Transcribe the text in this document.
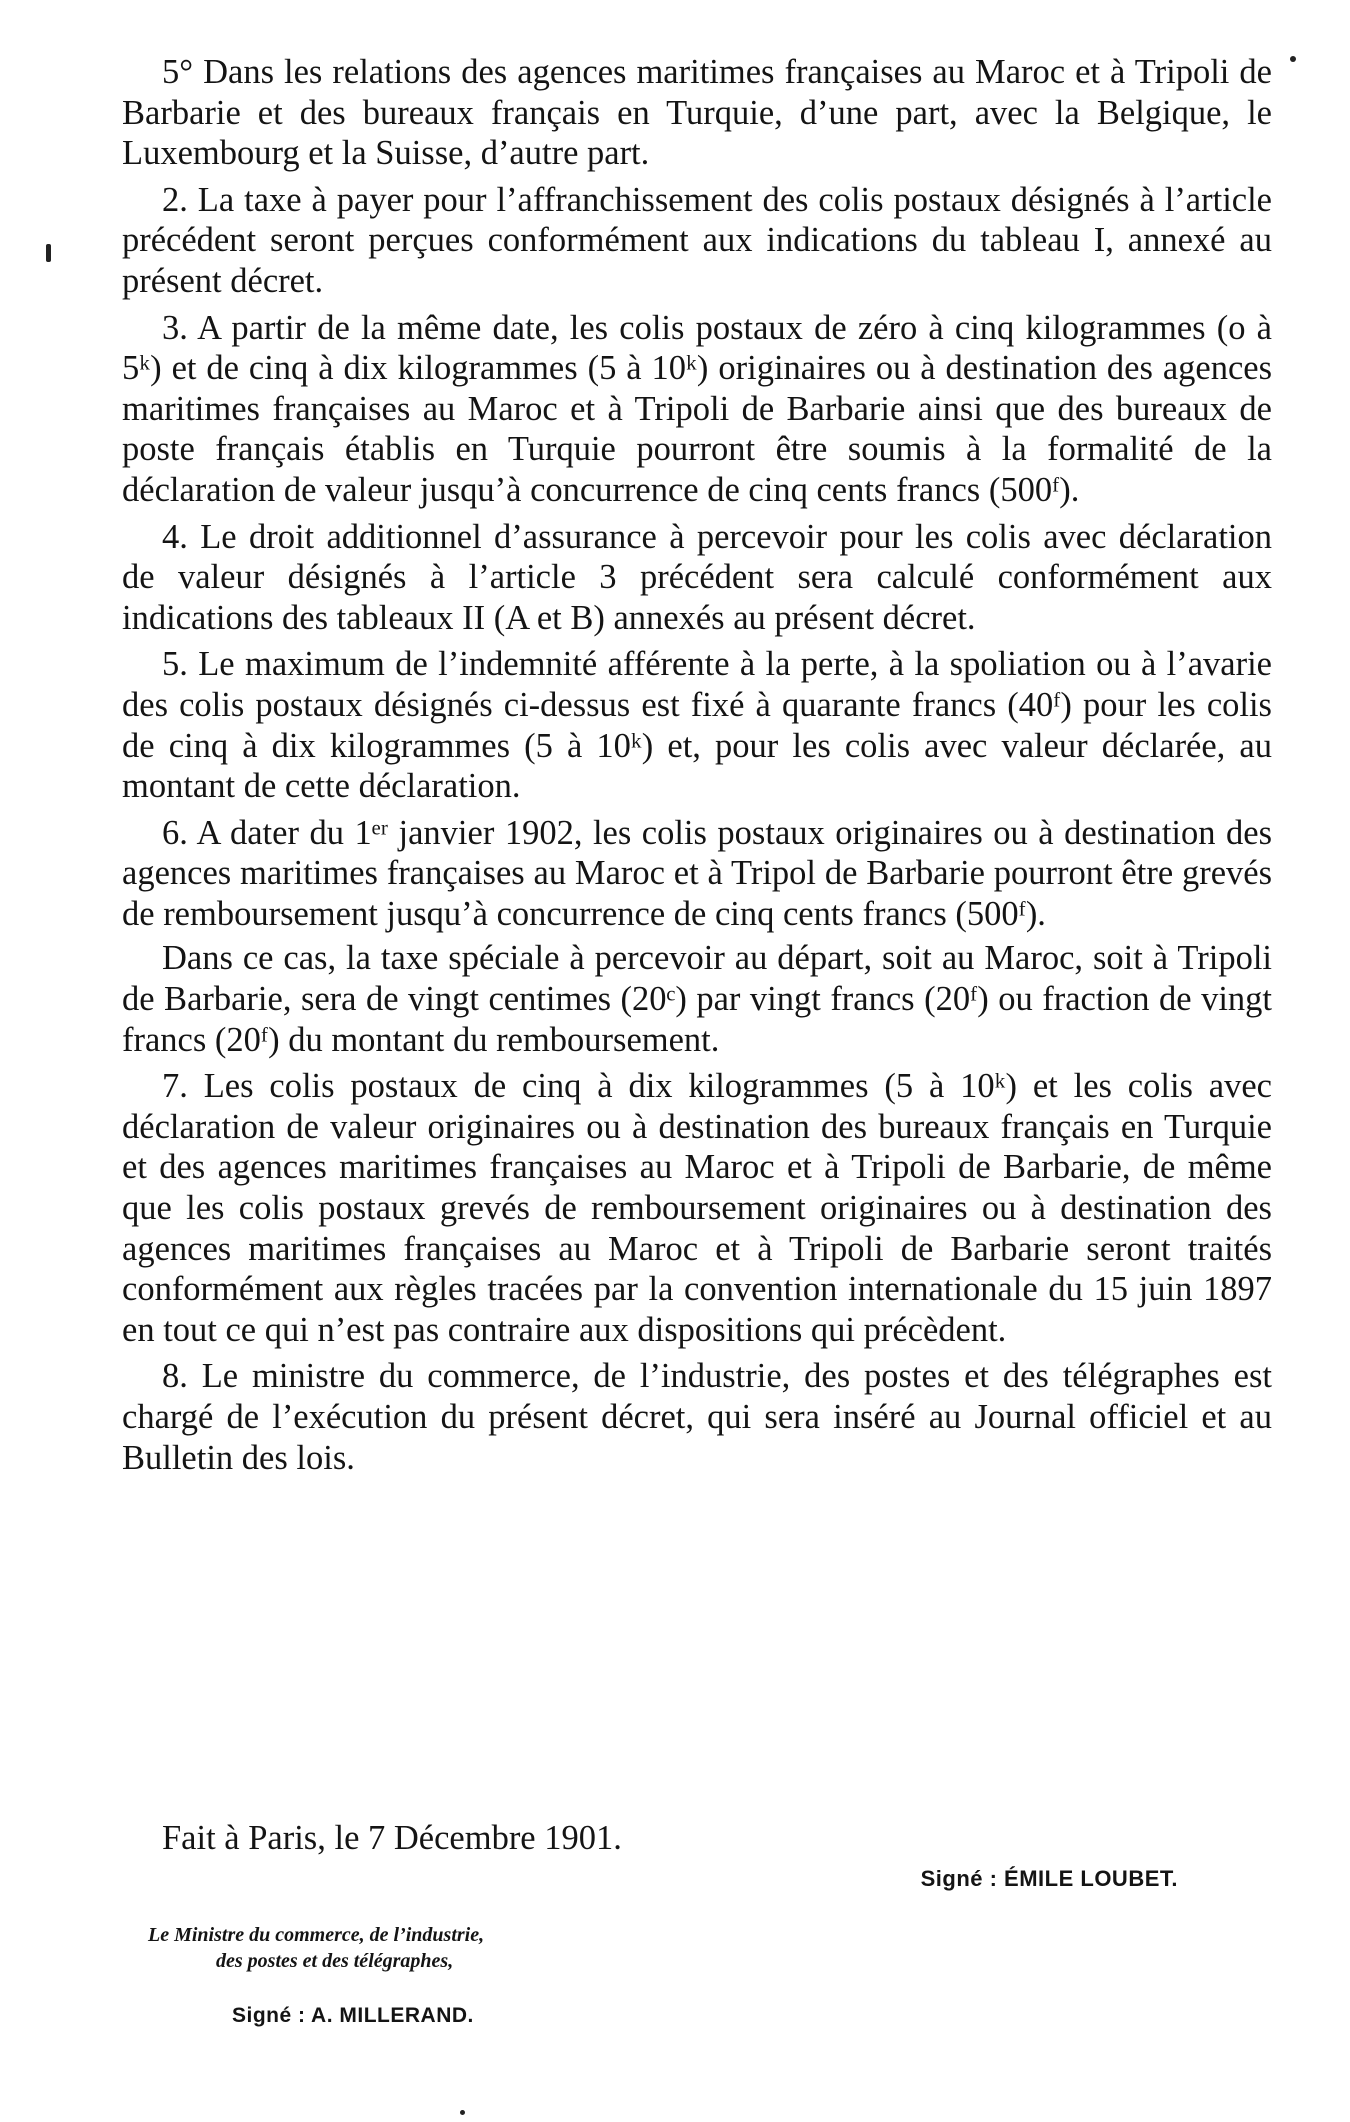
5° Dans les relations des agences maritimes françaises au Maroc et à Tripoli de Barbarie et des bureaux français en Turquie, d’une part, avec la Belgique, le Luxembourg et la Suisse, d’autre part.

2. La taxe à payer pour l’affranchissement des colis postaux désignés à l’article précédent seront perçues conformément aux indications du tableau I, annexé au présent décret.

3. A partir de la même date, les colis postaux de zéro à cinq kilogrammes (o à 5ᵏ) et de cinq à dix kilogrammes (5 à 10ᵏ) originaires ou à destination des agences maritimes françaises au Maroc et à Tripoli de Barbarie ainsi que des bureaux de poste français établis en Turquie pourront être soumis à la formalité de la déclaration de valeur jusqu’à concurrence de cinq cents francs (500ᶠ).

4. Le droit additionnel d’assurance à percevoir pour les colis avec déclaration de valeur désignés à l’article 3 précédent sera calculé conformément aux indications des tableaux II (A et B) annexés au présent décret.

5. Le maximum de l’indemnité afférente à la perte, à la spoliation ou à l’avarie des colis postaux désignés ci-dessus est fixé à quarante francs (40ᶠ) pour les colis de cinq à dix kilogrammes (5 à 10ᵏ) et, pour les colis avec valeur déclarée, au montant de cette déclaration.

6. A dater du 1ᵉʳ janvier 1902, les colis postaux originaires ou à destination des agences maritimes françaises au Maroc et à Tripol de Barbarie pourront être grevés de remboursement jusqu’à concurrence de cinq cents francs (500ᶠ).

Dans ce cas, la taxe spéciale à percevoir au départ, soit au Maroc, soit à Tripoli de Barbarie, sera de vingt centimes (20ᶜ) par vingt francs (20ᶠ) ou fraction de vingt francs (20ᶠ) du montant du remboursement.

7. Les colis postaux de cinq à dix kilogrammes (5 à 10ᵏ) et les colis avec déclaration de valeur originaires ou à destination des bureaux français en Turquie et des agences maritimes françaises au Maroc et à Tripoli de Barbarie, de même que les colis postaux grevés de remboursement originaires ou à destination des agences maritimes françaises au Maroc et à Tripoli de Barbarie seront traités conformément aux règles tracées par la convention internationale du 15 juin 1897 en tout ce qui n’est pas contraire aux dispositions qui précèdent.

8. Le ministre du commerce, de l’industrie, des postes et des télégraphes est chargé de l’exécution du présent décret, qui sera inséré au Journal officiel et au Bulletin des lois.

Fait à Paris, le 7 Décembre 1901.
Signé : ÉMILE LOUBET.
Le Ministre du commerce, de l’industrie,
des postes et des télégraphes,
Signé : A. MILLERAND.
